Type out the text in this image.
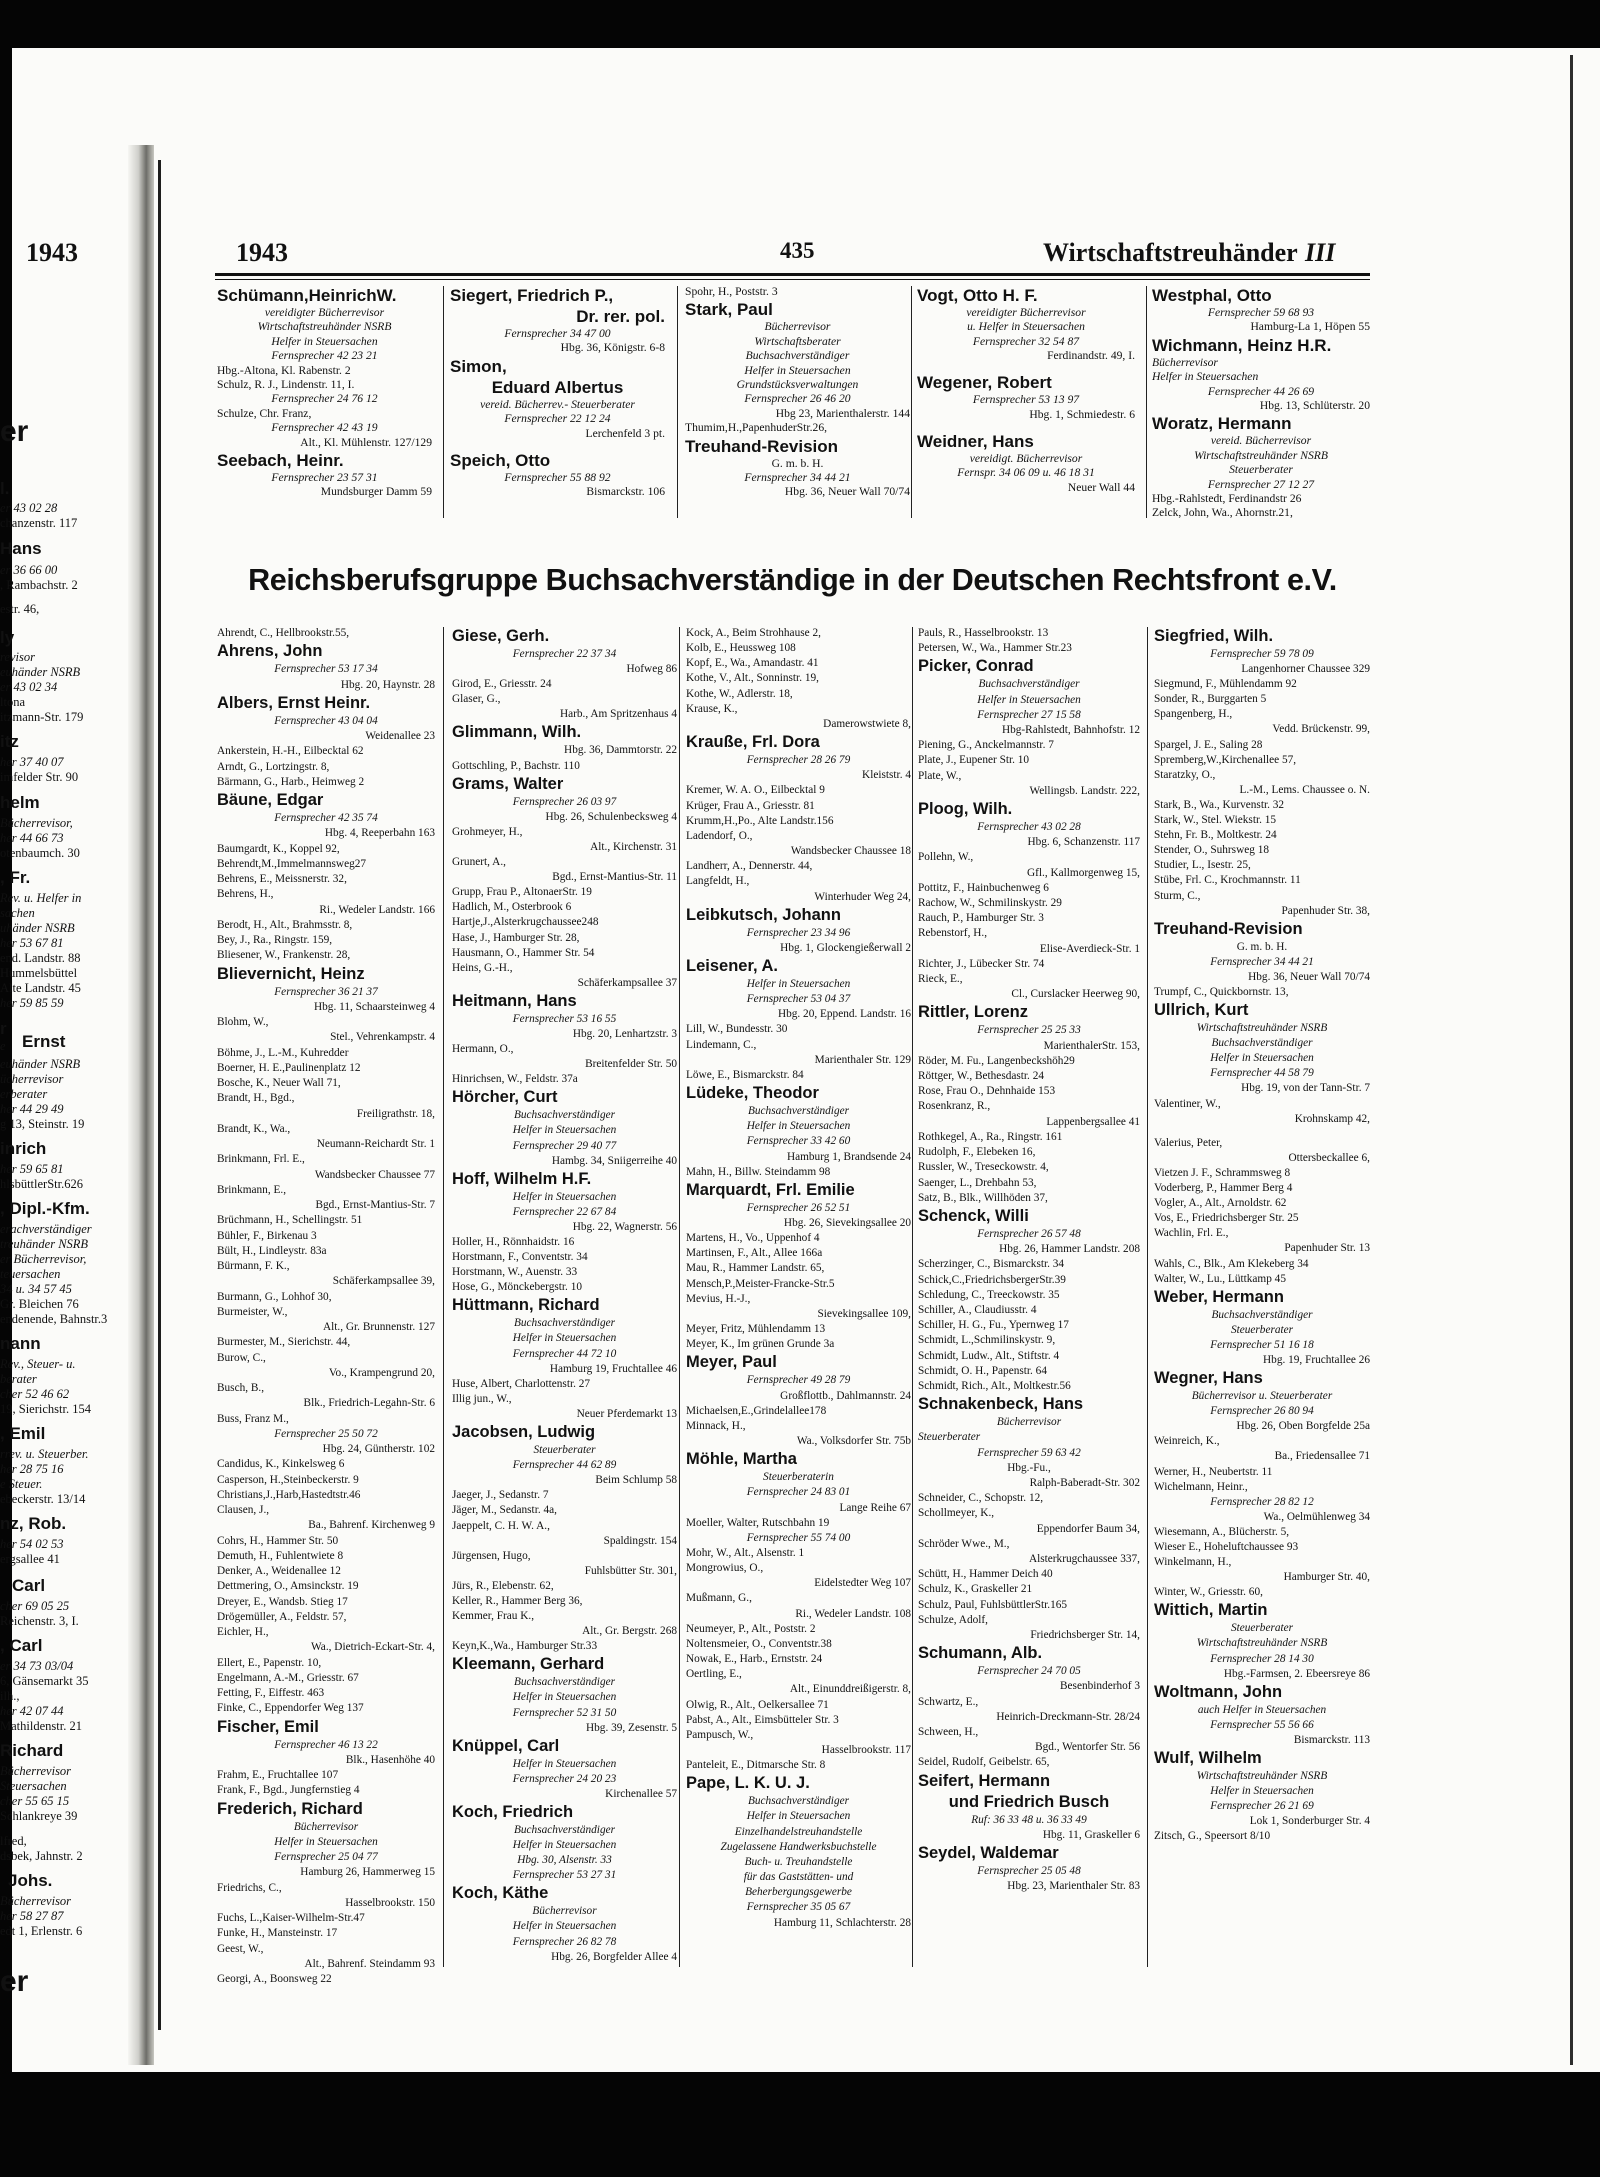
1943
er
l.
er 43 02 28
chanzenstr. 117
Hans
er 36 66 00
, Rambachstr. 2
estr. 46,
ly
revisor
euhänder NSRB
er 43 02 34
ltona
itzmann-Str. 179
itz
her 37 40 07
imfelder Str. 90
helm
Bücherrevisor,
her 44 66 73
otenbaumch. 30
, Fr.
Rev. u. Helfer in
sachen
uhänder NSRB
her 53 67 81
end. Landstr. 88
Hummelsbüttel
Alte Landstr. 45
her 59 85 59
r
e Ernst
euhänder NSRB
ücherrevisor
erberater
her 44 29 49
g 13, Steinstr. 19
inrich
her 59 65 81
hlsbüttlerStr.626
, Dipl.-Kfm.
erachverständiger
treuhänder NSRB
er Bücherrevisor,
teuersachen
34 u. 34 57 45
Gr. Bleichen 76
endenende, Bahnstr.3
nann
Rev., Steuer- u.
berater
cher 52 46 62
19, Sierichstr. 154
, Emil
rrev. u. Steuerber.
her 28 75 16
e Steuer.
ebeckerstr. 13/14
nz, Rob.
her 54 02 53
ergsallee 41
Carl
cher 69 05 25
Reichenstr. 3, I.
, Carl
er 34 73 03/04
6, Gänsemarkt 35
ilh.,
her 42 07 44
Mathildenstr. 21
Richard
Bücherrevisor
Steuersachen
cher 55 65 15
Schlankreye 39
lfred,
dsbek, Jahnstr. 2
Johs.
Bücherrevisor
her 58 27 87
edt 1, Erlenstr. 6
er
1943	435	Wirtschaftstreuhänder III
Schümann,HeinrichW.
vereidigter Bücherrevisor
Wirtschaftstreuhänder NSRB
Helfer in Steuersachen
Fernsprecher 42 23 21
Hbg.-Altona, Kl. Rabenstr. 2
Schulz, R. J., Lindenstr. 11, I.
Fernsprecher 24 76 12
Schulze, Chr. Franz,
Fernsprecher 42 43 19
Alt., Kl. Mühlenstr. 127/129
Seebach, Heinr.
Fernsprecher 23 57 31
Mundsburger Damm 59
Siegert, Friedrich P.,
Dr. rer. pol.
Fernsprecher 34 47 00
Hbg. 36, Königstr. 6-8
Simon,
Eduard Albertus
vereid. Bücherrev.- Steuerberater
Fernsprecher 22 12 24
Lerchenfeld 3 pt.
Speich, Otto
Fernsprecher 55 88 92
Bismarckstr. 106
Spohr, H., Poststr. 3
Stark, Paul
Bücherrevisor
Wirtschaftsberater
Buchsachverständiger
Helfer in Steuersachen
Grundstücksverwaltungen
Fernsprecher 26 46 20
Hbg 23, Marienthalerstr. 144
Thumim,H.,PapenhuderStr.26,
Treuhand-Revision
G. m. b. H.
Fernsprecher 34 44 21
Hbg. 36, Neuer Wall 70/74
Vogt, Otto H. F.
vereidigter Bücherrevisor
u. Helfer in Steuersachen
Fernsprecher 32 54 87
Ferdinandstr. 49, I.
Wegener, Robert
Fernsprecher 53 13 97
Hbg. 1, Schmiedestr. 6
Weidner, Hans
vereidigt. Bücherrevisor
Fernspr. 34 06 09 u. 46 18 31
Neuer Wall 44
Westphal, Otto
Fernsprecher 59 68 93
Hamburg-La 1, Höpen 55
Wichmann, Heinz H.R.
Bücherrevisor
Helfer in Steuersachen
Fernsprecher 44 26 69
Hbg. 13, Schlüterstr. 20
Woratz, Hermann
vereid. Bücherrevisor
Wirtschaftstreuhänder NSRB
Steuerberater
Fernsprecher 27 12 27
Hbg.-Rahlstedt, Ferdinandstr 26
Zelck, John, Wa., Ahornstr.21,
Reichsberufsgruppe Buchsachverständige in der Deutschen Rechtsfront e.V.
Ahrendt, C., Hellbrookstr.55,
Ahrens, John
Fernsprecher 53 17 34
Hbg. 20, Haynstr. 28
Albers, Ernst Heinr.
Fernsprecher 43 04 04
Weidenallee 23
Ankerstein, H.-H., Eilbecktal 62
Arndt, G., Lortzingstr. 8,
Bärmann, G., Harb., Heimweg 2
Bäune, Edgar
Fernsprecher 42 35 74
Hbg. 4, Reeperbahn 163
Baumgardt, K., Koppel 92,
Behrendt,M.,Immelmannsweg27
Behrens, E., Meissnerstr. 32,
Behrens, H.,
Ri., Wedeler Landstr. 166
Berodt, H., Alt., Brahmsstr. 8,
Bey, J., Ra., Ringstr. 159,
Bliesener, W., Frankenstr. 28,
Blievernicht, Heinz
Fernsprecher 36 21 37
Hbg. 11, Schaarsteinweg 4
Blohm, W.,
Stel., Vehrenkampstr. 4
Böhme, J., L.-M., Kuhredder
Boerner, H. E.,Paulinenplatz 12
Bosche, K., Neuer Wall 71,
Brandt, H., Bgd.,
Freiligrathstr. 18,
Brandt, K., Wa.,
Neumann-Reichardt Str. 1
Brinkmann, Frl. E.,
Wandsbecker Chaussee 77
Brinkmann, E.,
Bgd., Ernst-Mantius-Str. 7
Brüchmann, H., Schellingstr. 51
Bühler, F., Birkenau 3
Bült, H., Lindleystr. 83a
Bürmann, F. K.,
Schäferkampsallee 39,
Burmann, G., Lohhof 30,
Burmeister, W.,
Alt., Gr. Brunnenstr. 127
Burmester, M., Sierichstr. 44,
Burow, C.,
Vo., Krampengrund 20,
Busch, B.,
Blk., Friedrich-Legahn-Str. 6
Buss, Franz M.,
Fernsprecher 25 50 72
Hbg. 24, Güntherstr. 102
Candidus, K., Kinkelsweg 6
Casperson, H.,Steinbeckerstr. 9
Christians,J.,Harb,Hastedtstr.46
Clausen, J.,
Ba., Bahrenf. Kirchenweg 9
Cohrs, H., Hammer Str. 50
Demuth, H., Fuhlentwiete 8
Denker, A., Weidenallee 12
Dettmering, O., Amsinckstr. 19
Dreyer, E., Wandsb. Stieg 17
Drögemüller, A., Feldstr. 57,
Eichler, H.,
Wa., Dietrich-Eckart-Str. 4,
Ellert, E., Papenstr. 10,
Engelmann, A.-M., Griesstr. 67
Fetting, F., Eiffestr. 463
Finke, C., Eppendorfer Weg 137
Fischer, Emil
Fernsprecher 46 13 22
Blk., Hasenhöhe 40
Frahm, E., Fruchtallee 107
Frank, F., Bgd., Jungfernstieg 4
Frederich, Richard
Bücherrevisor
Helfer in Steuersachen
Fernsprecher 25 04 77
Hamburg 26, Hammerweg 15
Friedrichs, C.,
Hasselbrookstr. 150
Fuchs, L.,Kaiser-Wilhelm-Str.47
Funke, H., Mansteinstr. 17
Geest, W.,
Alt., Bahrenf. Steindamm 93
Georgi, A., Boonsweg 22
Giese, Gerh.
Fernsprecher 22 37 34
Hofweg 86
Girod, E., Griesstr. 24
Glaser, G.,
Harb., Am Spritzenhaus 4
Glimmann, Wilh.
Hbg. 36, Dammtorstr. 22
Gottschling, P., Bachstr. 110
Grams, Walter
Fernsprecher 26 03 97
Hbg. 26, Schulenbecksweg 4
Grohmeyer, H.,
Alt., Kirchenstr. 31
Grunert, A.,
Bgd., Ernst-Mantius-Str. 11
Grupp, Frau P., AltonaerStr. 19
Hadlich, M., Osterbrook 6
Hartje,J.,Alsterkrugchaussee248
Hase, J., Hamburger Str. 28,
Hausmann, O., Hammer Str. 54
Heins, G.-H.,
Schäferkampsallee 37
Heitmann, Hans
Fernsprecher 53 16 55
Hbg. 20, Lenhartzstr. 3
Hermann, O.,
Breitenfelder Str. 50
Hinrichsen, W., Feldstr. 37a
Hörcher, Curt
Buchsachverständiger
Helfer in Steuersachen
Fernsprecher 29 40 77
Hambg. 34, Sniigerreihe 40
Hoff, Wilhelm H.F.
Helfer in Steuersachen
Fernsprecher 22 67 84
Hbg. 22, Wagnerstr. 56
Holler, H., Rönnhaidstr. 16
Horstmann, F., Conventstr. 34
Horstmann, W., Auenstr. 33
Hose, G., Mönckebergstr. 10
Hüttmann, Richard
Buchsachverständiger
Helfer in Steuersachen
Fernsprecher 44 72 10
Hamburg 19, Fruchtallee 46
Huse, Albert, Charlottenstr. 27
Illig jun., W.,
Neuer Pferdemarkt 13
Jacobsen, Ludwig
Steuerberater
Fernsprecher 44 62 89
Beim Schlump 58
Jaeger, J., Sedanstr. 7
Jäger, M., Sedanstr. 4a,
Jaeppelt, C. H. W. A.,
Spaldingstr. 154
Jürgensen, Hugo,
Fuhlsbütter Str. 301,
Jürs, R., Elebenstr. 62,
Keller, R., Hammer Berg 36,
Kemmer, Frau K.,
Alt., Gr. Bergstr. 268
Keyn,K.,Wa., Hamburger Str.33
Kleemann, Gerhard
Buchsachverständiger
Helfer in Steuersachen
Fernsprecher 52 31 50
Hbg. 39, Zesenstr. 5
Knüppel, Carl
Helfer in Steuersachen
Fernsprecher 24 20 23
Kirchenallee 57
Koch, Friedrich
Buchsachverständiger
Helfer in Steuersachen
Hbg. 30, Alsenstr. 33
Fernsprecher 53 27 31
Koch, Käthe
Bücherrevisor
Helfer in Steuersachen
Fernsprecher 26 82 78
Hbg. 26, Borgfelder Allee 4
Kock, A., Beim Strohhause 2,
Kolb, E., Heussweg 108
Kopf, E., Wa., Amandastr. 41
Kothe, V., Alt., Sonninstr. 19,
Kothe, W., Adlerstr. 18,
Krause, K.,
Damerowstwiete 8,
Krauße, Frl. Dora
Fernsprecher 28 26 79
Kleiststr. 4
Kremer, W. A. O., Eilbecktal 9
Krüger, Frau A., Griesstr. 81
Krumm,H.,Po., Alte Landstr.156
Ladendorf, O.,
Wandsbecker Chaussee 18
Landherr, A., Dennerstr. 44,
Langfeldt, H.,
Winterhuder Weg 24,
Leibkutsch, Johann
Fernsprecher 23 34 96
Hbg. 1, Glockengießerwall 2
Leisener, A.
Helfer in Steuersachen
Fernsprecher 53 04 37
Hbg. 20, Eppend. Landstr. 16
Lill, W., Bundesstr. 30
Lindemann, C.,
Marienthaler Str. 129
Löwe, E., Bismarckstr. 84
Lüdeke, Theodor
Buchsachverständiger
Helfer in Steuersachen
Fernsprecher 33 42 60
Hamburg 1, Brandsende 24
Mahn, H., Billw. Steindamm 98
Marquardt, Frl. Emilie
Fernsprecher 26 52 51
Hbg. 26, Sievekingsallee 20
Martens, H., Vo., Uppenhof 4
Martinsen, F., Alt., Allee 166a
Mau, R., Hammer Landstr. 65,
Mensch,P.,Meister-Francke-Str.5
Mevius, H.-J.,
Sievekingsallee 109,
Meyer, Fritz, Mühlendamm 13
Meyer, K., Im grünen Grunde 3a
Meyer, Paul
Fernsprecher 49 28 79
Großflottb., Dahlmannstr. 24
Michaelsen,E.,Grindelallee178
Minnack, H.,
Wa., Volksdorfer Str. 75b
Möhle, Martha
Steuerberaterin
Fernsprecher 24 83 01
Lange Reihe 67
Moeller, Walter, Rutschbahn 19
Fernsprecher 55 74 00
Mohr, W., Alt., Alsenstr. 1
Mongrowius, O.,
Eidelstedter Weg 107
Mußmann, G.,
Ri., Wedeler Landstr. 108
Neumeyer, P., Alt., Poststr. 2
Noltensmeier, O., Conventstr.38
Nowak, E., Harb., Ernststr. 24
Oertling, E.,
Alt., Einunddreißigerstr. 8,
Olwig, R., Alt., Oelkersallee 71
Pabst, A., Alt., Eimsbütteler Str. 3
Pampusch, W.,
Hasselbrookstr. 117
Panteleit, E., Ditmarsche Str. 8
Pape, L. K. U. J.
Buchsachverständiger
Helfer in Steuersachen
Einzelhandelstreuhandstelle
Zugelassene Handwerksbuchstelle
Buch- u. Treuhandstelle
für das Gaststätten- und
Beherbergungsgewerbe
Fernsprecher 35 05 67
Hamburg 11, Schlachterstr. 28
Pauls, R., Hasselbrookstr. 13
Petersen, W., Wa., Hammer Str.23
Picker, Conrad
Buchsachverständiger
Helfer in Steuersachen
Fernsprecher 27 15 58
Hbg-Rahlstedt, Bahnhofstr. 12
Piening, G., Anckelmannstr. 7
Plate, J., Eupener Str. 10
Plate, W.,
Wellingsb. Landstr. 222,
Ploog, Wilh.
Fernsprecher 43 02 28
Hbg. 6, Schanzenstr. 117
Pollehn, W.,
Gfl., Kallmorgenweg 15,
Pottitz, F., Hainbuchenweg 6
Rachow, W., Schmilinskystr. 29
Rauch, P., Hamburger Str. 3
Rebenstorf, H.,
Elise-Averdieck-Str. 1
Richter, J., Lübecker Str. 74
Rieck, E.,
Cl., Curslacker Heerweg 90,
Rittler, Lorenz
Fernsprecher 25 25 33
MarienthalerStr. 153,
Röder, M. Fu., Langenbeckshöh29
Röttger, W., Bethesdastr. 24
Rose, Frau O., Dehnhaide 153
Rosenkranz, R.,
Lappenbergsallee 41
Rothkegel, A., Ra., Ringstr. 161
Rudolph, F., Elebeken 16,
Russler, W., Treseckowstr. 4,
Saenger, L., Drehbahn 53,
Satz, B., Blk., Willhöden 37,
Schenck, Willi
Fernsprecher 26 57 48
Hbg. 26, Hammer Landstr. 208
Scherzinger, C., Bismarckstr. 34
Schick,C.,FriedrichsbergerStr.39
Schledung, C., Treeckowstr. 35
Schiller, A., Claudiusstr. 4
Schiller, H. G., Fu., Ypernweg 17
Schmidt, L.,Schmilinskystr. 9,
Schmidt, Ludw., Alt., Stiftstr. 4
Schmidt, O. H., Papenstr. 64
Schmidt, Rich., Alt., Moltkestr.56
Schnakenbeck, Hans
Bücherrevisor
Steuerberater
Fernsprecher 59 63 42
Hbg.-Fu.,
Ralph-Baberadt-Str. 302
Schneider, C., Schopstr. 12,
Schollmeyer, K.,
Eppendorfer Baum 34,
Schröder Wwe., M.,
Alsterkrugchaussee 337,
Schütt, H., Hammer Deich 40
Schulz, K., Graskeller 21
Schulz, Paul, FuhlsbüttlerStr.165
Schulze, Adolf,
Friedrichsberger Str. 14,
Schumann, Alb.
Fernsprecher 24 70 05
Besenbinderhof 3
Schwartz, E.,
Heinrich-Dreckmann-Str. 28/24
Schween, H.,
Bgd., Wentorfer Str. 56
Seidel, Rudolf, Geibelstr. 65,
Seifert, Hermann
und Friedrich Busch
Ruf: 36 33 48 u. 36 33 49
Hbg. 11, Graskeller 6
Seydel, Waldemar
Fernsprecher 25 05 48
Hbg. 23, Marienthaler Str. 83
Siegfried, Wilh.
Fernsprecher 59 78 09
Langenhorner Chaussee 329
Siegmund, F., Mühlendamm 92
Sonder, R., Burggarten 5
Spangenberg, H.,
Vedd. Brückenstr. 99,
Spargel, J. E., Saling 28
Spremberg,W.,Kirchenallee 57,
Staratzky, O.,
L.-M., Lems. Chaussee o. N.
Stark, B., Wa., Kurvenstr. 32
Stark, W., Stel. Wiekstr. 15
Stehn, Fr. B., Moltkestr. 24
Stender, O., Suhrsweg 18
Studier, L., Isestr. 25,
Stübe, Frl. C., Krochmannstr. 11
Sturm, C.,
Papenhuder Str. 38,
Treuhand-Revision
G. m. b. H.
Fernsprecher 34 44 21
Hbg. 36, Neuer Wall 70/74
Trumpf, C., Quickbornstr. 13,
Ullrich, Kurt
Wirtschaftstreuhänder NSRB
Buchsachverständiger
Helfer in Steuersachen
Fernsprecher 44 58 79
Hbg. 19, von der Tann-Str. 7
Valentiner, W.,
Krohnskamp 42,
Valerius, Peter,
Ottersbeckallee 6,
Vietzen J. F., Schrammsweg 8
Voderberg, P., Hammer Berg 4
Vogler, A., Alt., Arnoldstr. 62
Vos, E., Friedrichsberger Str. 25
Wachlin, Frl. E.,
Papenhuder Str. 13
Wahls, C., Blk., Am Klekeberg 34
Walter, W., Lu., Lüttkamp 45
Weber, Hermann
Buchsachverständiger
Steuerberater
Fernsprecher 51 16 18
Hbg. 19, Fruchtallee 26
Wegner, Hans
Bücherrevisor u. Steuerberater
Fernsprecher 26 80 94
Hbg. 26, Oben Borgfelde 25a
Weinreich, K.,
Ba., Friedensallee 71
Werner, H., Neubertstr. 11
Wichelmann, Heinr.,
Fernsprecher 28 82 12
Wa., Oelmühlenweg 34
Wiesemann, A., Blücherstr. 5,
Wieser E., Hoheluftchaussee 93
Winkelmann, H.,
Hamburger Str. 40,
Winter, W., Griesstr. 60,
Wittich, Martin
Steuerberater
Wirtschaftstreuhänder NSRB
Fernsprecher 28 14 30
Hbg.-Farmsen, 2. Ebeersreye 86
Woltmann, John
auch Helfer in Steuersachen
Fernsprecher 55 56 66
Bismarckstr. 113
Wulf, Wilhelm
Wirtschaftstreuhänder NSRB
Helfer in Steuersachen
Fernsprecher 26 21 69
Lok 1, Sonderburger Str. 4
Zitsch, G., Speersort 8/10
